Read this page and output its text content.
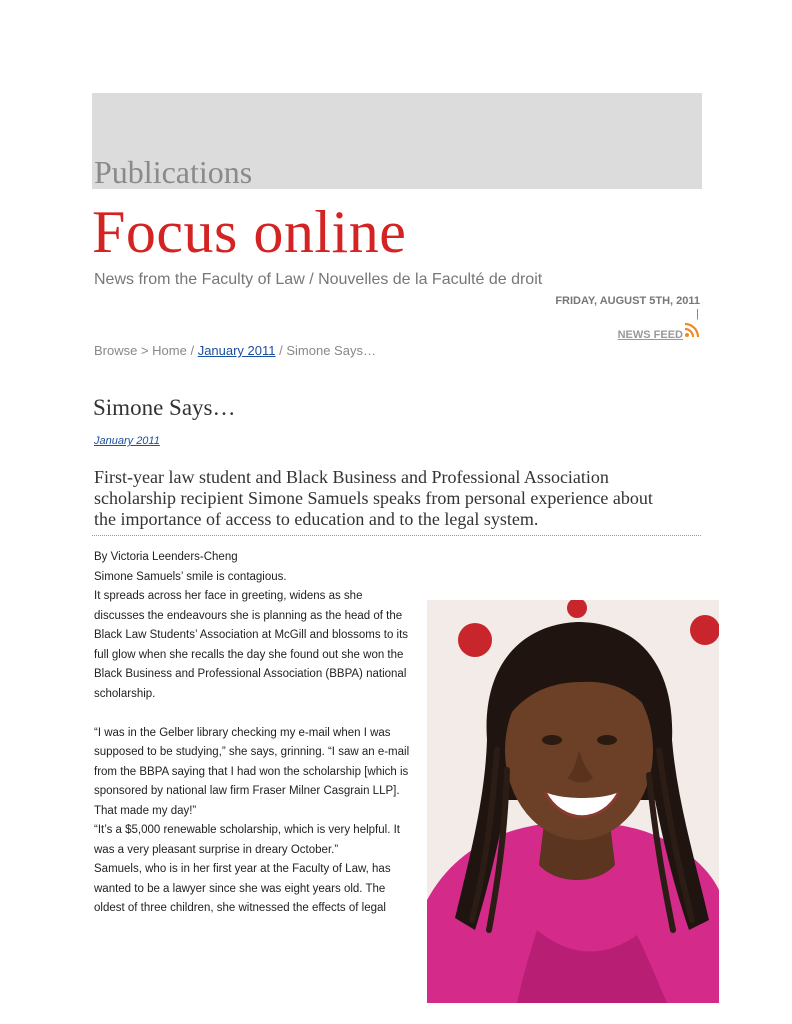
Publications
Focus online
News from the Faculty of Law / Nouvelles de la Faculté de droit
FRIDAY, AUGUST 5TH, 2011
|
NEWS FEED
Browse > Home / January 2011 / Simone Says…
Simone Says…
January 2011
First-year law student and Black Business and Professional Association
scholarship recipient Simone Samuels speaks from personal experience about
the importance of access to education and to the legal system.
By Victoria Leenders-Cheng
Simone Samuels’ smile is contagious.
It spreads across her face in greeting, widens as she
discusses the endeavours she is planning as the head of the
Black Law Students’ Association at McGill and blossoms to its
full glow when she recalls the day she found out she won the
Black Business and Professional Association (BBPA) national
scholarship.
“I was in the Gelber library checking my e-mail when I was
supposed to be studying,” she says, grinning. “I saw an e-mail
from the BBPA saying that I had won the scholarship [which is
sponsored by national law firm Fraser Milner Casgrain LLP].
That made my day!”
“It’s a $5,000 renewable scholarship, which is very helpful. It
was a very pleasant surprise in dreary October.”
Samuels, who is in her first year at the Faculty of Law, has
wanted to be a lawyer since she was eight years old. The
oldest of three children, she witnessed the effects of legal
